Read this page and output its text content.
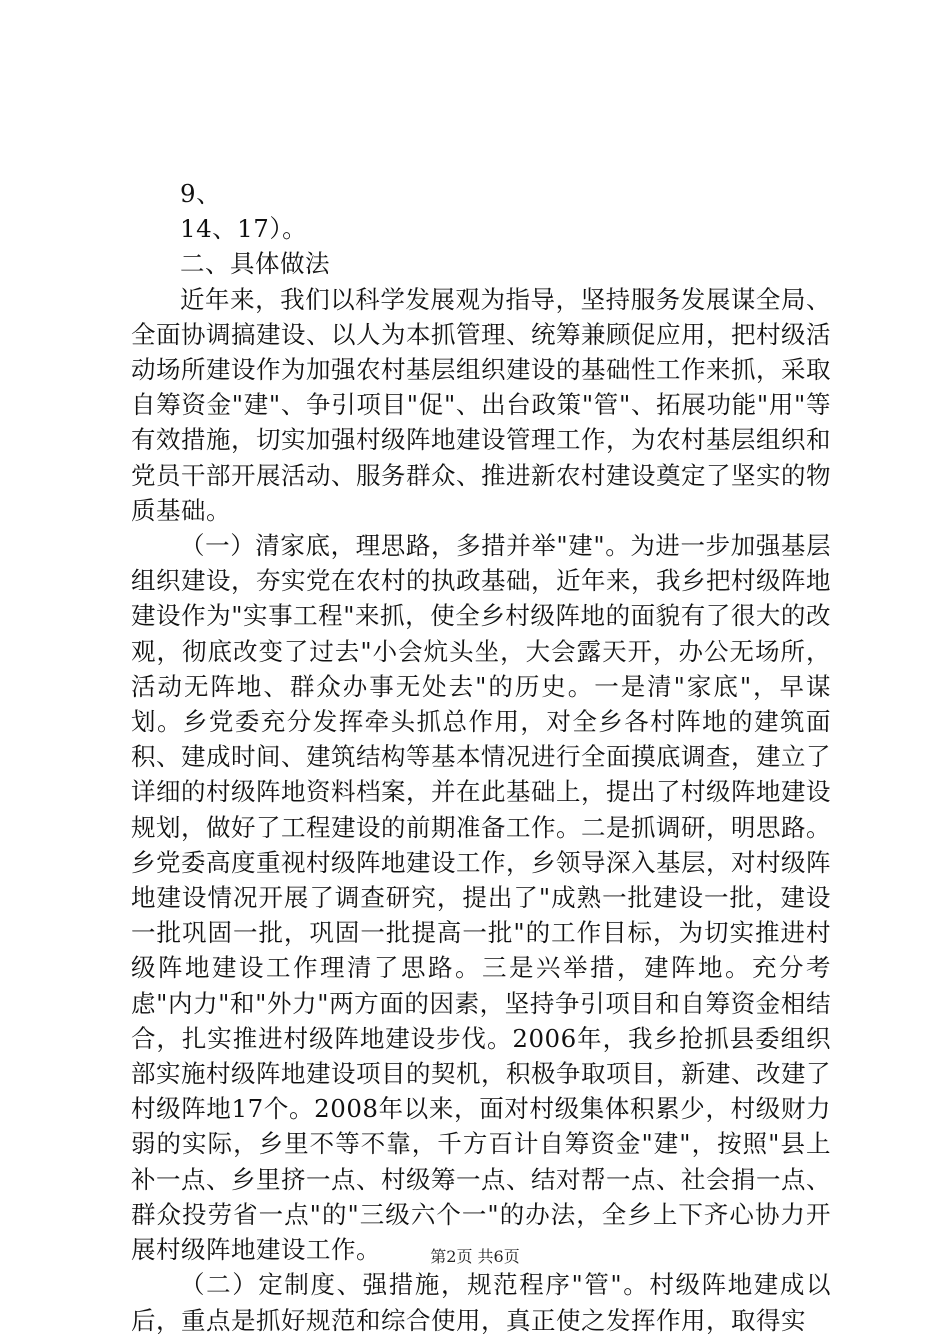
9、

14、17）。

二、具体做法

近年来，我们以科学发展观为指导，坚持服务发展谋全局、全面协调搞建设、以人为本抓管理、统筹兼顾促应用，把村级活动场所建设作为加强农村基层组织建设的基础性工作来抓，采取自筹资金"建"、争引项目"促"、出台政策"管"、拓展功能"用"等有效措施，切实加强村级阵地建设管理工作，为农村基层组织和党员干部开展活动、服务群众、推进新农村建设奠定了坚实的物质基础。

（一）清家底，理思路，多措并举"建"。为进一步加强基层组织建设，夯实党在农村的执政基础，近年来，我乡把村级阵地建设作为"实事工程"来抓，使全乡村级阵地的面貌有了很大的改观，彻底改变了过去"小会炕头坐，大会露天开，办公无场所，活动无阵地、群众办事无处去"的历史。一是清"家底"，早谋划。乡党委充分发挥牵头抓总作用，对全乡各村阵地的建筑面积、建成时间、建筑结构等基本情况进行全面摸底调查，建立了详细的村级阵地资料档案，并在此基础上，提出了村级阵地建设规划，做好了工程建设的前期准备工作。二是抓调研，明思路。乡党委高度重视村级阵地建设工作，乡领导深入基层，对村级阵地建设情况开展了调查研究，提出了"成熟一批建设一批，建设一批巩固一批，巩固一批提高一批"的工作目标，为切实推进村级阵地建设工作理清了思路。三是兴举措，建阵地。充分考虑"内力"和"外力"两方面的因素，坚持争引项目和自筹资金相结合，扎实推进村级阵地建设步伐。2006年，我乡抢抓县委组织部实施村级阵地建设项目的契机，积极争取项目，新建、改建了村级阵地17个。2008年以来，面对村级集体积累少，村级财力弱的实际，乡里不等不靠，千方百计自筹资金"建"，按照"县上补一点、乡里挤一点、村级筹一点、结对帮一点、社会捐一点、群众投劳省一点"的"三级六个一"的办法，全乡上下齐心协力开展村级阵地建设工作。

（二）定制度、强措施，规范程序"管"。村级阵地建成以后，重点是抓好规范和综合使用，真正使之发挥作用，取得实

第2页 共6页
